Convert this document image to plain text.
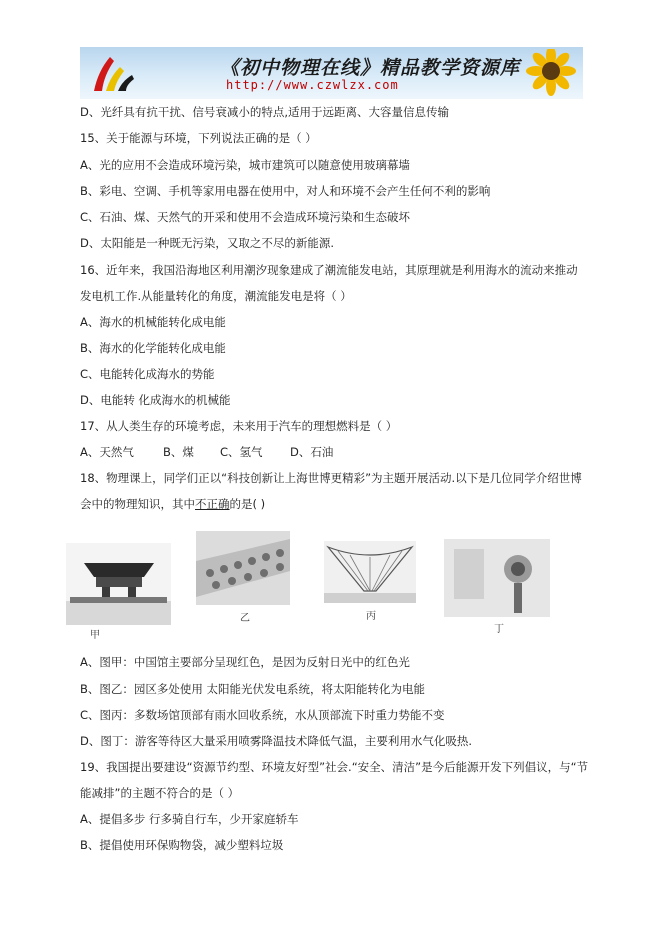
《初中物理在线》精品教学资源库
http://www.czwlzx.com
D、光纤具有抗干扰、信号衰减小的特点,适用于远距离、大容量信息传输
15、关于能源与环境，下列说法正确的是（ ）
A、光的应用不会造成环境污染，城市建筑可以随意使用玻璃幕墙
B、彩电、空调、手机等家用电器在使用中，对人和环境不会产生任何不利的影响
C、石油、煤、天然气的开采和使用不会造成环境污染和生态破坏
D、太阳能是一种既无污染，又取之不尽的新能源.
16、近年来，我国沿海地区利用潮汐现象建成了潮流能发电站，其原理就是利用海水的流动来推动
发电机工作.从能量转化的角度，潮流能发电是将（ ）
A、海水的机械能转化成电能
B、海水的化学能转化成电能
C、电能转化成海水的势能
D、电能转 化成海水的机械能
17、从人类生存的环境考虑，未来用于汽车的理想燃料是（ ）
A、天然气	B、煤 C、氢气 D、石油
18、物理课上，同学们正以“科技创新让上海世博更精彩”为主题开展活动.以下是几位同学介绍世博
会中的物理知识，其中不正确的是( )
甲
乙	丙
丁
A、图甲：中国馆主要部分呈现红色，是因为反射日光中的红色光
B、图乙：园区多处使用 太阳能光伏发电系统，将太阳能转化为电能
C、图丙：多数场馆顶部有雨水回收系统，水从顶部流下时重力势能不变
D、图丁：游客等待区大量采用喷雾降温技术降低气温，主要利用水气化吸热.
19、我国提出要建设“资源节约型、环境友好型”社会.“安全、清洁”是今后能源开发下列倡议，与“节
能减排”的主题不符合的是（ ）
A、提倡多步 行多骑自行车，少开家庭轿车
B、提倡使用环保购物袋，减少塑料垃圾
